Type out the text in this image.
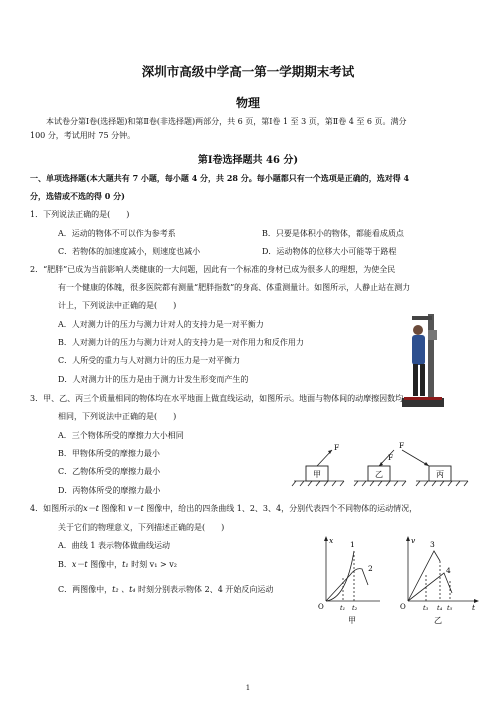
深圳市高级中学高一第一学期期末考试
物理
本试卷分第Ⅰ卷(选择题)和第Ⅱ卷(非选择题)两部分，共 6 页，第Ⅰ卷 1 至 3 页，第Ⅱ卷 4 至 6 页。满分
100 分，考试用时 75 分钟。
第Ⅰ卷选择题共 46 分)
一、单项选择题(本大题共有 7 小题，每小题 4 分，共 28 分。每小题都只有一个选项是正确的，选对得 4
分，选错或不选的得 0 分)
1．下列说法正确的是(　　)
A．运动的物体不可以作为参考系	B．只要是体积小的物体，都能看成质点
C．若物体的加速度减小，则速度也减小	D．运动物体的位移大小可能等于路程
2．“肥胖”已成为当前影响人类健康的一大问题，因此有一个标准的身材已成为很多人的理想，为使全民
有一个健康的体魄，很多医院都有测量“肥胖指数”的身高、体重测量计。如图所示，人静止站在测力
计上，下列说法中正确的是(　　)
A．人对测力计的压力与测力计对人的支持力是一对平衡力
B．人对测力计的压力与测力计对人的支持力是一对作用力和反作用力
C．人所受的重力与人对测力计的压力是一对平衡力
D．人对测力计的压力是由于测力计发生形变而产生的
3．甲、乙、丙三个质量相同的物体均在水平地面上做直线运动，如图所示。地面与物体间的动摩擦因数均
相同，下列说法中正确的是(　　)
A．三个物体所受的摩擦力大小相同
B．甲物体所受的摩擦力最小
C．乙物体所受的摩擦力最小
D．丙物体所受的摩擦力最小
甲
F
乙
F
丙
F
4．如图所示的x－t 图像和 v－t 图像中，给出的四条曲线 1、2、3、4，分别代表四个不同物体的运动情况，
关于它们的物理意义，下列描述正确的是(　　)
A．曲线 1 表示物体做曲线运动
B．x－t 图像中，t₁ 时刻 v₁ > v₂
C．两图像中，t₂ 、t₄ 时刻分别表示物体 2、4 开始反向运动
x
O
1
2
t₁ t₂
甲
v
O
3
4
t₃ t₄ t₅	t
乙
1
